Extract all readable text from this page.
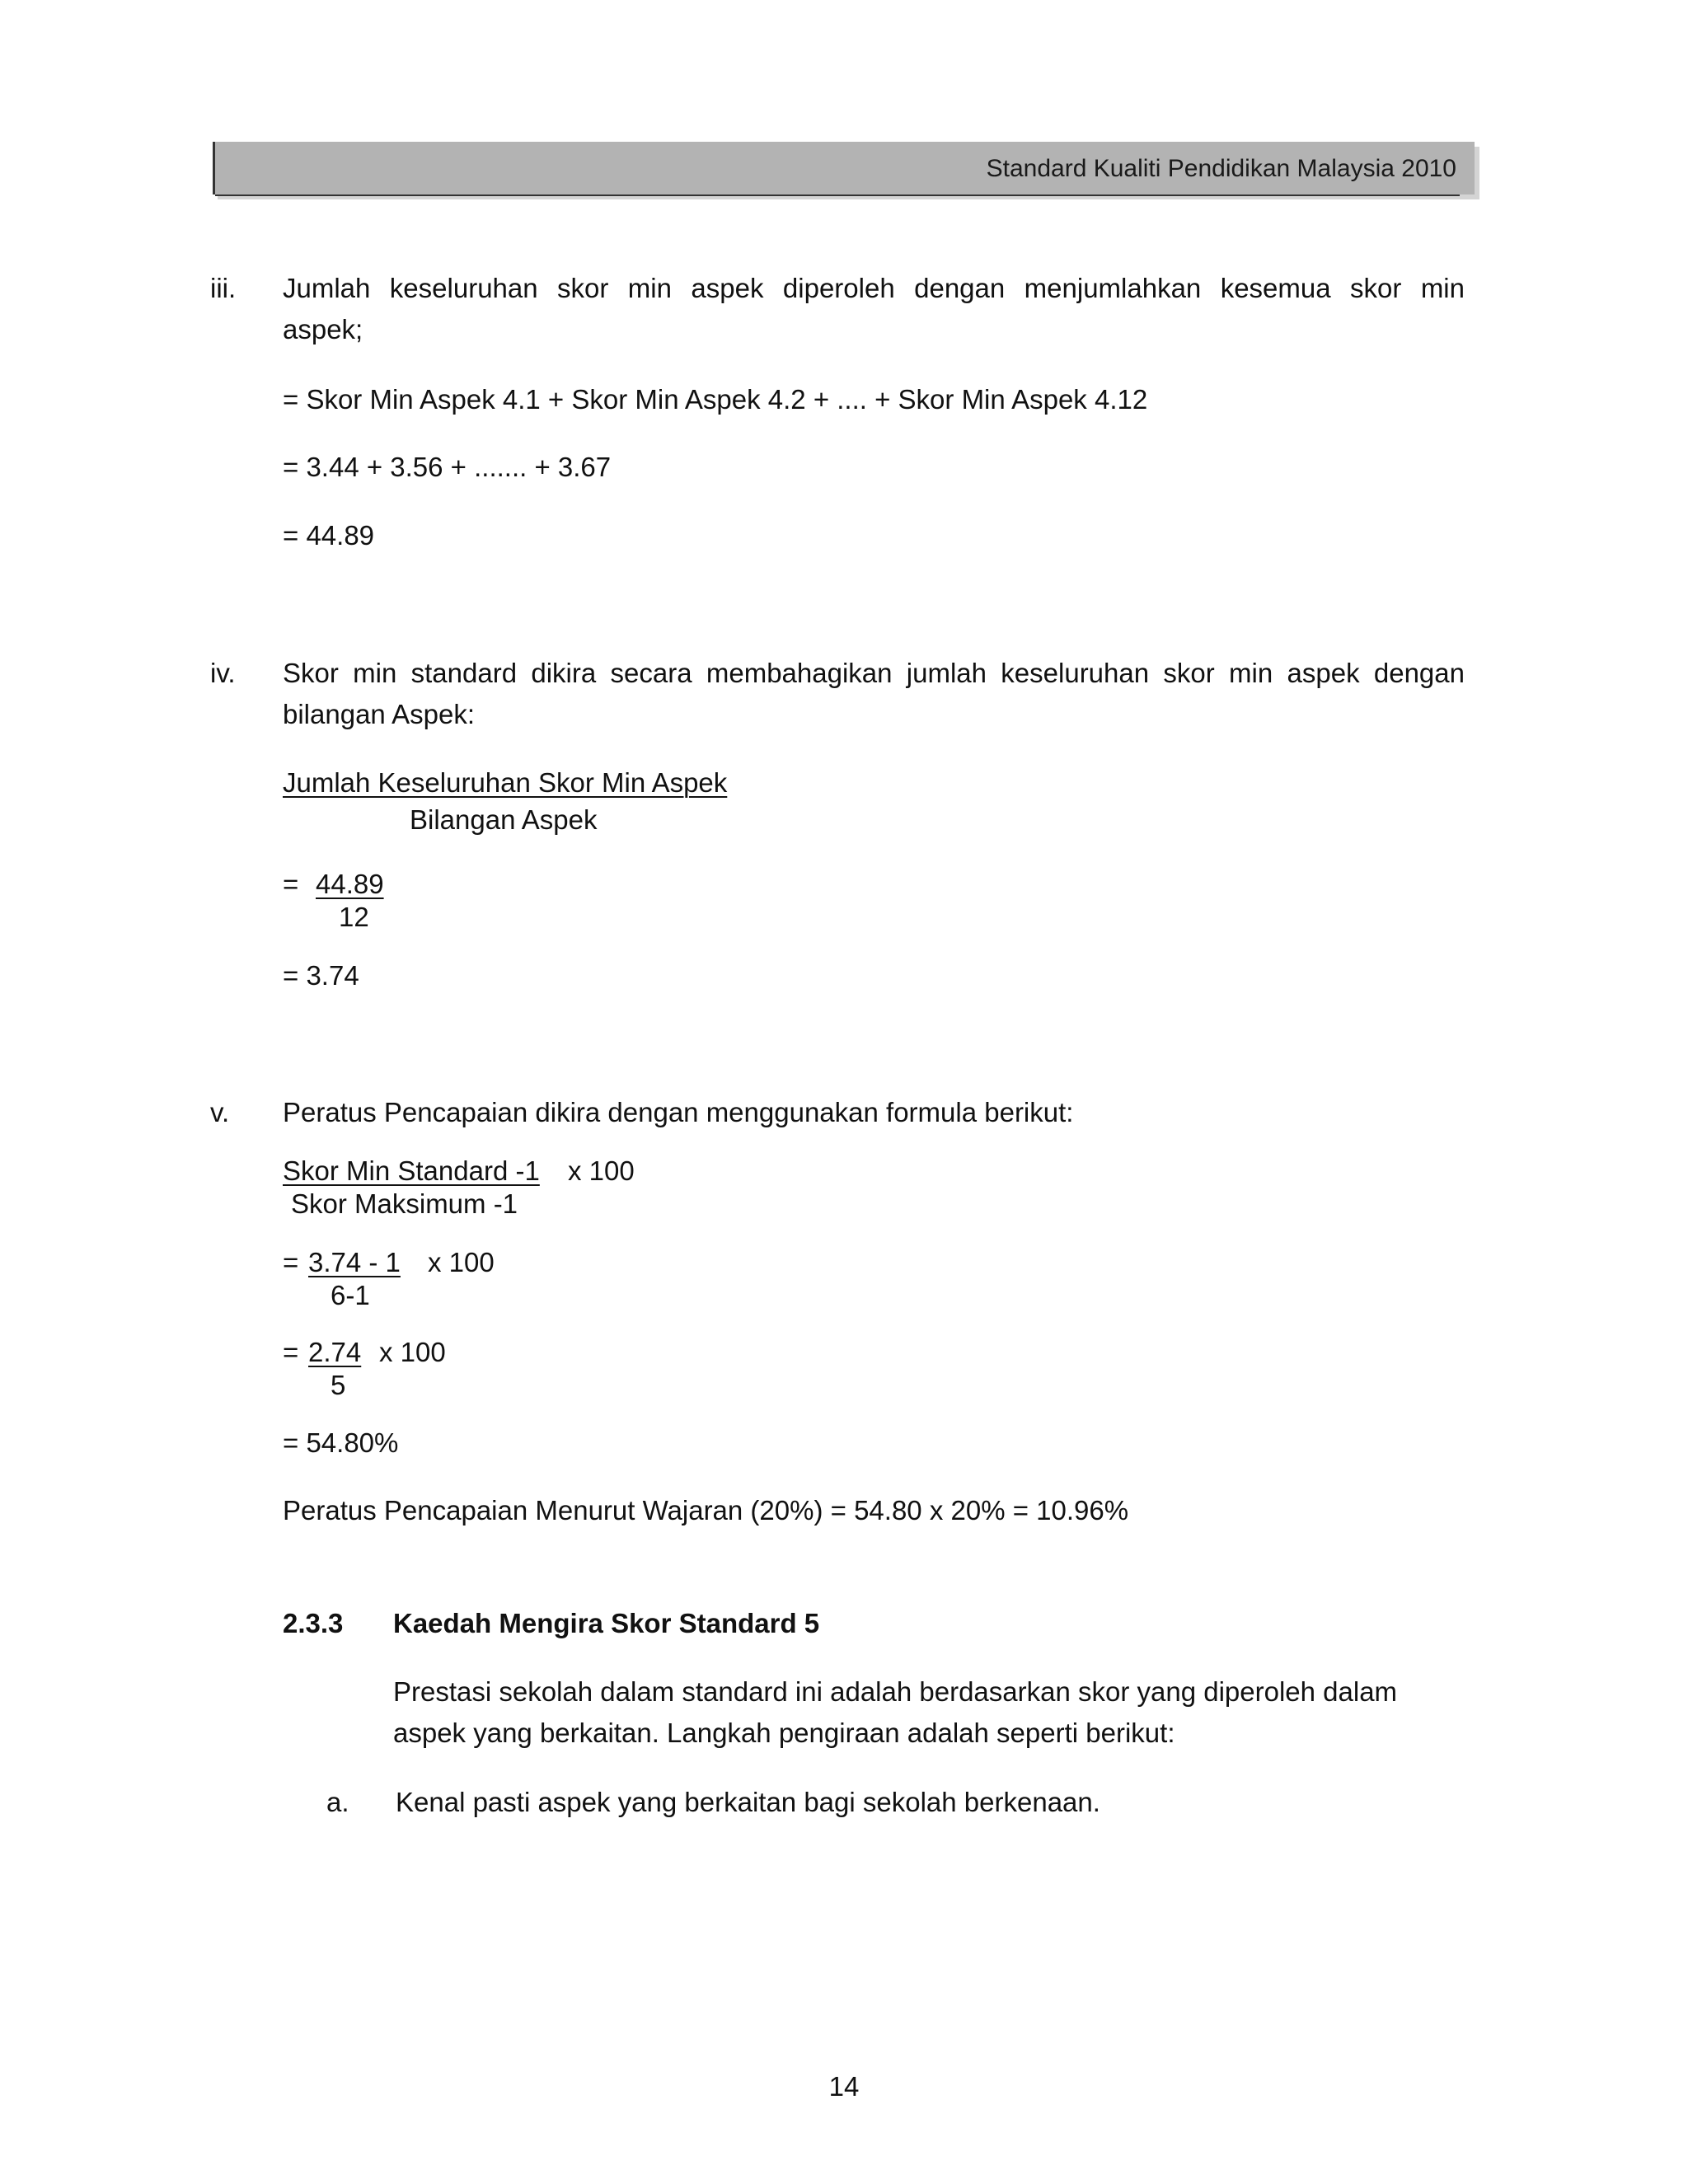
Standard Kualiti Pendidikan Malaysia 2010
iii. Jumlah keseluruhan skor min aspek diperoleh dengan menjumlahkan kesemua skor min
aspek;
= Skor Min Aspek 4.1 + Skor Min Aspek 4.2 + .... + Skor Min Aspek 4.12
= 3.44 + 3.56 + ....... + 3.67
= 44.89
iv. Skor min standard dikira secara membahagikan jumlah keseluruhan skor min aspek dengan
bilangan Aspek:
Jumlah Keseluruhan Skor Min Aspek
Bilangan Aspek
= 44.89
12
= 3.74
v. Peratus Pencapaian dikira dengan menggunakan formula berikut:
Skor Min Standard -1 x 100
Skor Maksimum -1
= 3.74 - 1 x 100
6-1
= 2.74 x 100
5
= 54.80%
Peratus Pencapaian Menurut Wajaran (20%) = 54.80 x 20% = 10.96%
2.3.3 Kaedah Mengira Skor Standard 5
Prestasi sekolah dalam standard ini adalah berdasarkan skor yang diperoleh dalam
aspek yang berkaitan. Langkah pengiraan adalah seperti berikut:
a. Kenal pasti aspek yang berkaitan bagi sekolah berkenaan.
14
